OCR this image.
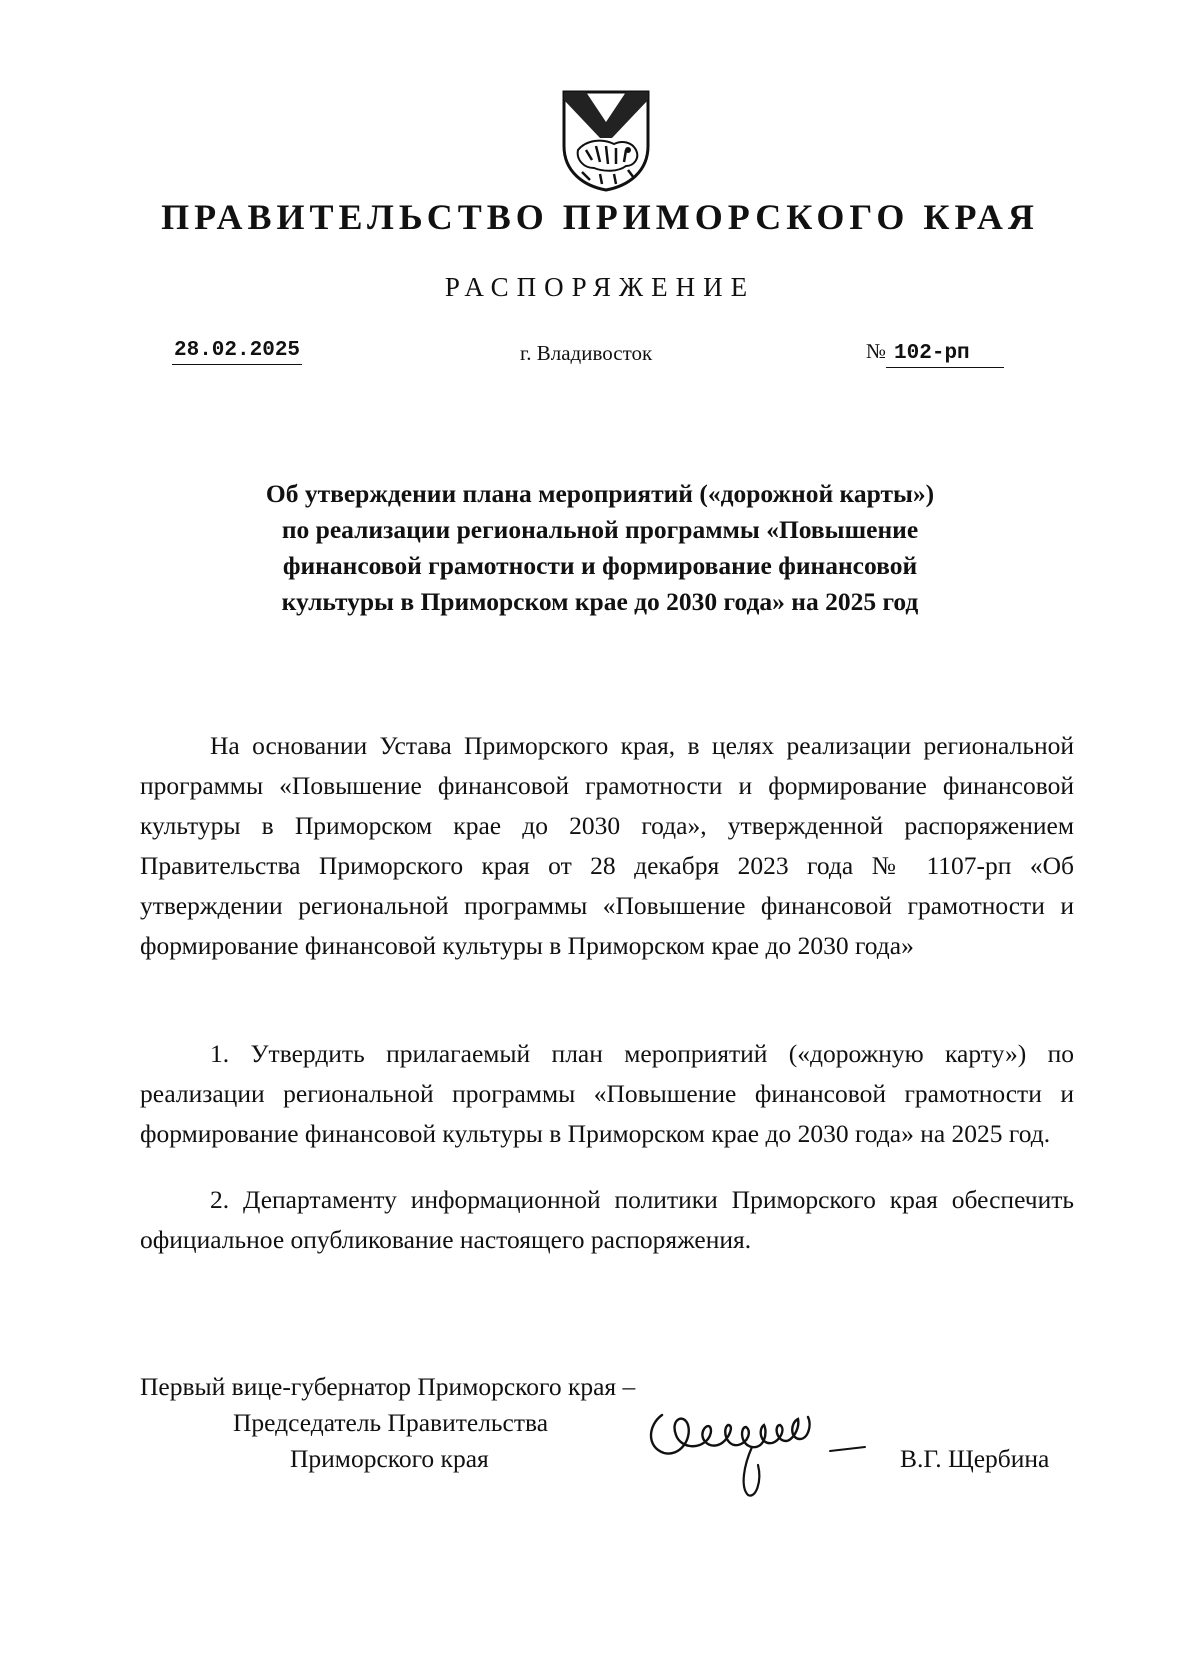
ПРАВИТЕЛЬСТВО ПРИМОРСКОГО КРАЯ
РАСПОРЯЖЕНИЕ
28.02.2025	г. Владивосток	№ 102-рп
Об утверждении плана мероприятий («дорожной карты») по реализации региональной программы «Повышение финансовой грамотности и формирование финансовой культуры в Приморском крае до 2030 года» на 2025 год
На основании Устава Приморского края, в целях реализации региональной программы «Повышение финансовой грамотности и формирование финансовой культуры в Приморском крае до 2030 года», утвержденной распоряжением Правительства Приморского края от 28 декабря 2023 года № 1107-рп «Об утверждении региональной программы «Повышение финансовой грамотности и формирование финансовой культуры в Приморском крае до 2030 года»
1. Утвердить прилагаемый план мероприятий («дорожную карту») по реализации региональной программы «Повышение финансовой грамотности и формирование финансовой культуры в Приморском крае до 2030 года» на 2025 год.
2. Департаменту информационной политики Приморского края обеспечить официальное опубликование настоящего распоряжения.
Первый вице-губернатор Приморского края –
Председатель Правительства
Приморского края	В.Г. Щербина
